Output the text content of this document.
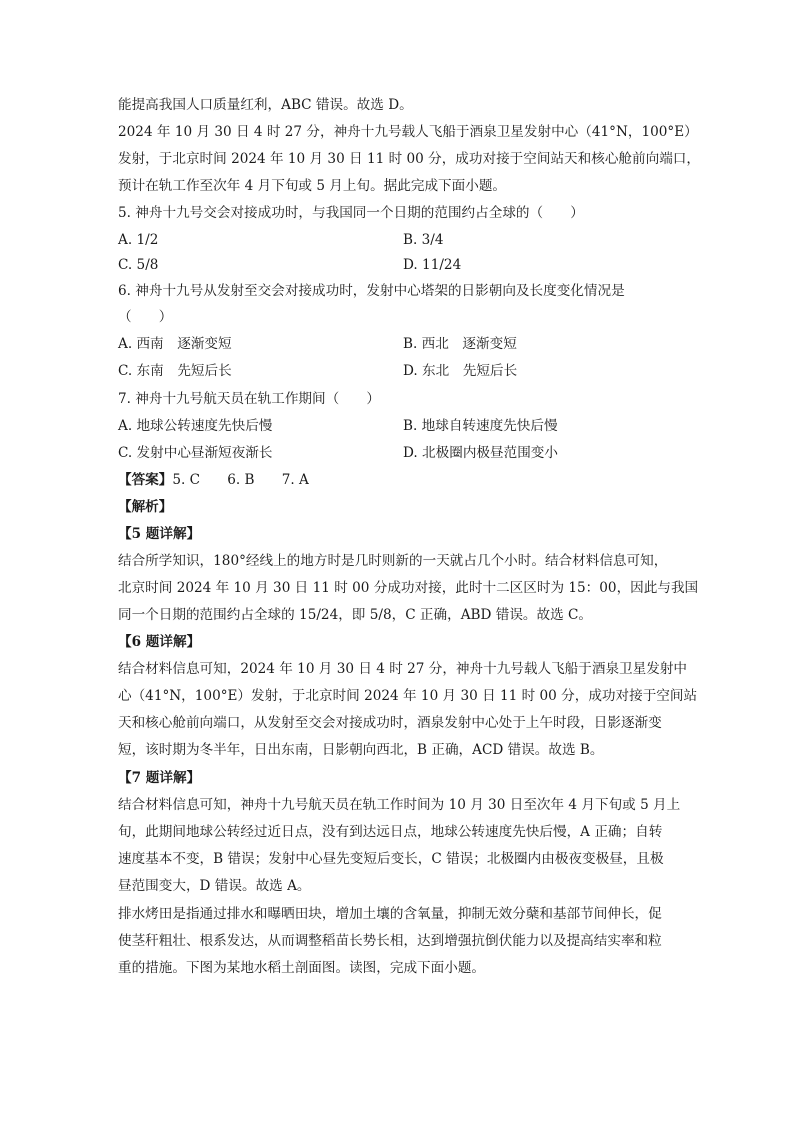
能提高我国人口质量红利，ABC 错误。故选 D。
2024 年 10 月 30 日 4 时 27 分，神舟十九号载人飞船于酒泉卫星发射中心（41°N，100°E）
发射，于北京时间 2024 年 10 月 30 日 11 时 00 分，成功对接于空间站天和核心舱前向端口，
预计在轨工作至次年 4 月下旬或 5 月上旬。据此完成下面小题。
5. 神舟十九号交会对接成功时，与我国同一个日期的范围约占全球的（　　）
A. 1/2	B. 3/4
C. 5/8	D. 11/24
6. 神舟十九号从发射至交会对接成功时，发射中心塔架的日影朝向及长度变化情况是
（　　）
A. 西南　逐渐变短	B. 西北　逐渐变短
C. 东南　先短后长	D. 东北　先短后长
7. 神舟十九号航天员在轨工作期间（　　）
A. 地球公转速度先快后慢	B. 地球自转速度先快后慢
C. 发射中心昼渐短夜渐长	D. 北极圈内极昼范围变小
【答案】5. C　　6. B　　7. A
【解析】
【5 题详解】
结合所学知识，180°经线上的地方时是几时则新的一天就占几个小时。结合材料信息可知，
北京时间 2024 年 10 月 30 日 11 时 00 分成功对接，此时十二区区时为 15：00，因此与我国
同一个日期的范围约占全球的 15/24，即 5/8，C 正确，ABD 错误。故选 C。
【6 题详解】
结合材料信息可知，2024 年 10 月 30 日 4 时 27 分，神舟十九号载人飞船于酒泉卫星发射中
心（41°N，100°E）发射，于北京时间 2024 年 10 月 30 日 11 时 00 分，成功对接于空间站
天和核心舱前向端口，从发射至交会对接成功时，酒泉发射中心处于上午时段，日影逐渐变
短，该时期为冬半年，日出东南，日影朝向西北，B 正确，ACD 错误。故选 B。
【7 题详解】
结合材料信息可知，神舟十九号航天员在轨工作时间为 10 月 30 日至次年 4 月下旬或 5 月上
旬，此期间地球公转经过近日点，没有到达远日点，地球公转速度先快后慢，A 正确；自转
速度基本不变，B 错误；发射中心昼先变短后变长，C 错误；北极圈内由极夜变极昼，且极
昼范围变大，D 错误。故选 A。
排水烤田是指通过排水和曝晒田块，增加土壤的含氧量，抑制无效分蘖和基部节间伸长，促
使茎秆粗壮、根系发达，从而调整稻苗长势长相，达到增强抗倒伏能力以及提高结实率和粒
重的措施。下图为某地水稻土剖面图。读图，完成下面小题。
